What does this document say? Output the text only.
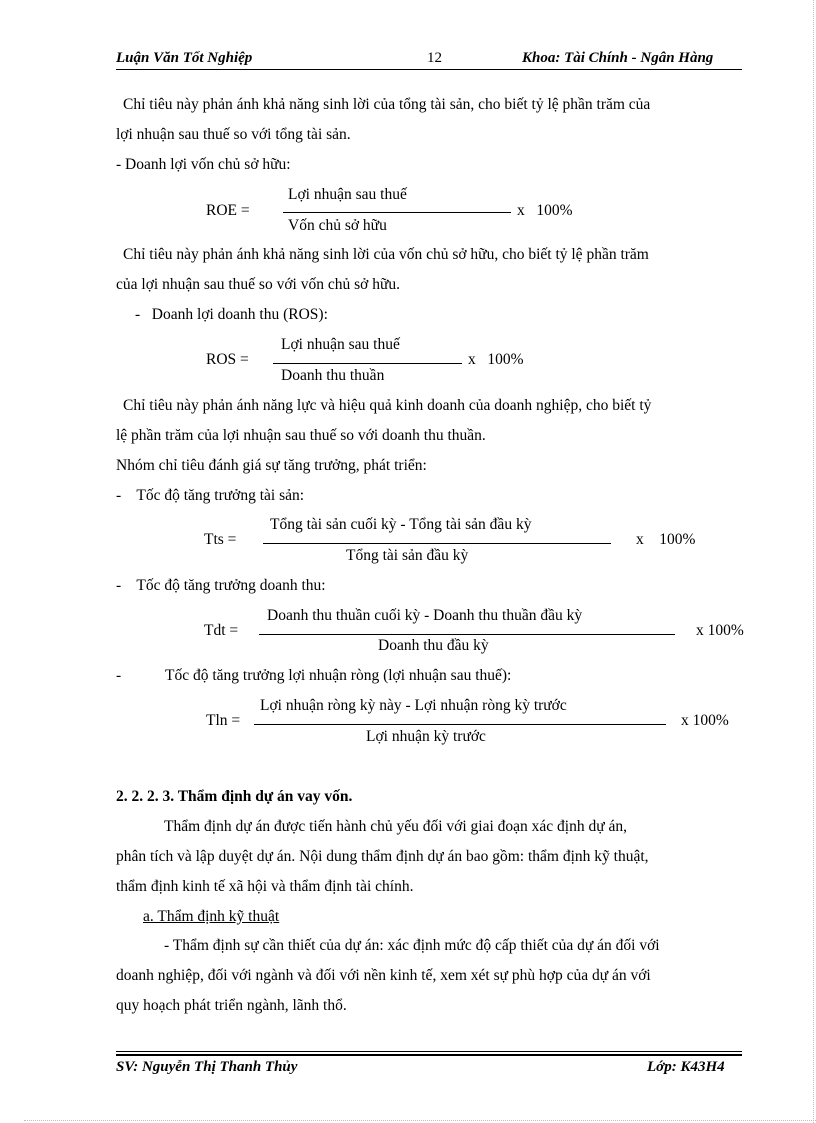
Luận Văn Tốt Nghiệp	12	Khoa: Tài Chính - Ngân Hàng
Chỉ tiêu này phản ánh khả năng sinh lời của tổng tài sản, cho biết tỷ lệ phần trăm của
lợi nhuận sau thuế so với tổng tài sản.
- Doanh lợi vốn chủ sở hữu:
ROE =
Lợi nhuận sau thuế
Vốn chủ sở hữu
x   100%
Chỉ tiêu này phản ánh khả năng sinh lời của vốn chủ sở hữu, cho biết tỷ lệ phần trăm
của lợi nhuận sau thuế so với vốn chủ sở hữu.
-   Doanh lợi doanh thu (ROS):
ROS =
Lợi nhuận sau thuế
Doanh thu thuần
x   100%
Chỉ tiêu này phản ánh năng lực và hiệu quả kinh doanh của doanh nghiệp, cho biết tỷ
lệ phần trăm của lợi nhuận sau thuế so với doanh thu thuần.
Nhóm chỉ tiêu đánh giá sự tăng trưởng, phát triển:
-    Tốc độ tăng trưởng tài sản:
Tts =
Tổng tài sản cuối kỳ - Tổng tài sản đầu kỳ
Tổng tài sản đầu kỳ
x    100%
-    Tốc độ tăng trưởng doanh thu:
Tdt =
Doanh thu thuần cuối kỳ - Doanh thu thuần đầu kỳ
Doanh thu đầu kỳ
x 100%
-	Tốc độ tăng trưởng lợi nhuận ròng (lợi nhuận sau thuế):
Tln =
Lợi nhuận ròng kỳ này - Lợi nhuận ròng kỳ trước
Lợi nhuận kỳ trước
x 100%
2. 2. 2. 3. Thẩm định dự án vay vốn.
Thẩm định dự án được tiến hành chủ yếu đối với giai đoạn xác định dự án,
phân tích và lập duyệt dự án. Nội dung thẩm định dự án bao gồm: thẩm định kỹ thuật,
thẩm định kinh tế xã hội và thẩm định tài chính.
a. Thẩm định kỹ thuật
- Thẩm định sự cần thiết của dự án: xác định mức độ cấp thiết của dự án đối với
doanh nghiệp, đối với ngành và đối với nền kinh tế, xem xét sự phù hợp của dự án với
quy hoạch phát triển ngành, lãnh thổ.
SV: Nguyễn Thị Thanh Thủy	Lớp: K43H4
